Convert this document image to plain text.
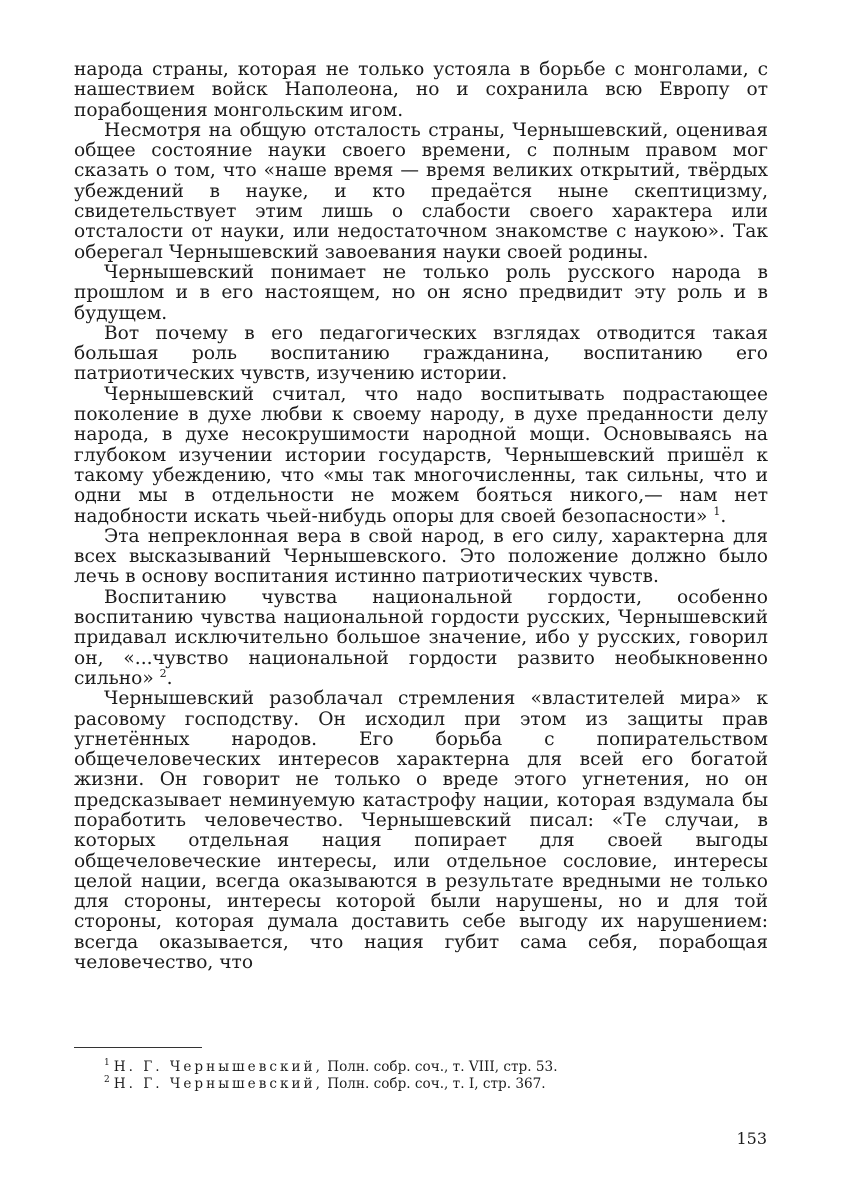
народа страны, которая не только устояла в борьбе с монголами, с нашествием войск Наполеона, но и сохранила всю Европу от порабощения монгольским игом.

Несмотря на общую отсталость страны, Чернышевский, оценивая общее состояние науки своего времени, с полным правом мог сказать о том, что «наше время — время великих открытий, твёрдых убеждений в науке, и кто предаётся ныне скептицизму, свидетельствует этим лишь о слабости своего характера или отсталости от науки, или недостаточном знакомстве с наукою». Так оберегал Чернышевский завоевания науки своей родины.

Чернышевский понимает не только роль русского народа в прошлом и в его настоящем, но он ясно предвидит эту роль и в будущем.

Вот почему в его педагогических взглядах отводится такая большая роль воспитанию гражданина, воспитанию его патриотических чувств, изучению истории.

Чернышевский считал, что надо воспитывать подрастающее поколение в духе любви к своему народу, в духе преданности делу народа, в духе несокрушимости народной мощи. Основываясь на глубоком изучении истории государств, Чернышевский пришёл к такому убеждению, что «мы так многочисленны, так сильны, что и одни мы в отдельности не можем бояться никого,— нам нет надобности искать чьей-нибудь опоры для своей безопасности» $^1$.

Эта непреклонная вера в свой народ, в его силу, характерна для всех высказываний Чернышевского. Это положение должно было лечь в основу воспитания истинно патриотических чувств.

Воспитанию чувства национальной гордости, особенно воспитанию чувства национальной гордости русских, Чернышевский придавал исключительно большое значение, ибо у русских, говорил он, «...чувство национальной гордости развито необыкновенно сильно» $^2$.

Чернышевский разоблачал стремления «властителей мира» к расовому господству. Он исходил при этом из защиты прав угнетённых народов. Его борьба с попирательством общечеловеческих интересов характерна для всей его богатой жизни. Он говорит не только о вреде этого угнетения, но он предсказывает неминуемую катастрофу нации, которая вздумала бы поработить человечество. Чернышевский писал: «Те случаи, в которых отдельная нация попирает для своей выгоды общечеловеческие интересы, или отдельное сословие, интересы целой нации, всегда оказываются в результате вредными не только для стороны, интересы которой были нарушены, но и для той стороны, которая думала доставить себе выгоду их нарушением: всегда оказывается, что нация губит сама себя, порабощая человечество, что

$^1$ Н. Г. Чернышевский, Полн. собр. соч., т. VIII, стр. 53.
$^2$ Н. Г. Чернышевский, Полн. собр. соч., т. I, стр. 367.
153
